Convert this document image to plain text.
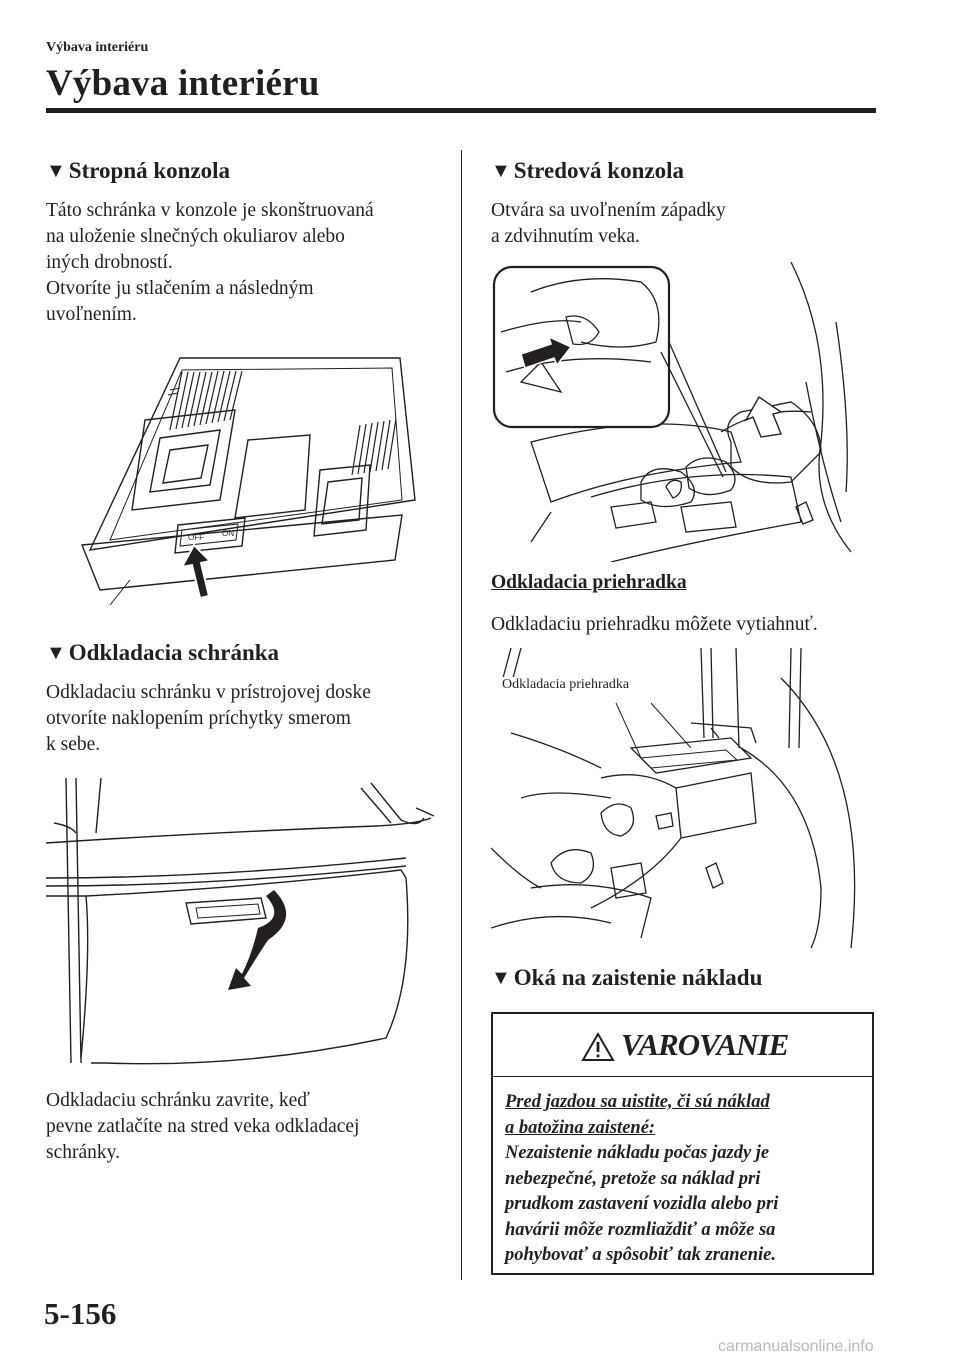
Výbava interiéru
Výbava interiéru
▼ Stropná konzola
Táto schránka v konzole je skonštruovaná
na uloženie slnečných okuliarov alebo
iných drobností.
Otvoríte ju stlačením a následným
uvoľnením.
OFF ON
▼ Odkladacia schránka
Odkladaciu schránku v prístrojovej doske
otvoríte naklopením príchytky smerom
k sebe.
Odkladaciu schránku zavrite, keď
pevne zatlačíte na stred veka odkladacej
schránky.
▼ Stredová konzola
Otvára sa uvoľnením západky
a zdvihnutím veka.
Odkladacia priehradka
Odkladaciu priehradku môžete vytiahnuť.
Odkladacia priehradka
▼ Oká na zaistenie nákladu
VAROVANIE
Pred jazdou sa uistite, či sú náklad
a batožina zaistené:
Nezaistenie nákladu počas jazdy je
nebezpečné, pretože sa náklad pri
prudkom zastavení vozidla alebo pri
havárii môže rozmliaždiť a môže sa
pohybovať a spôsobiť tak zranenie.
5-156
carmanualsonline.info
